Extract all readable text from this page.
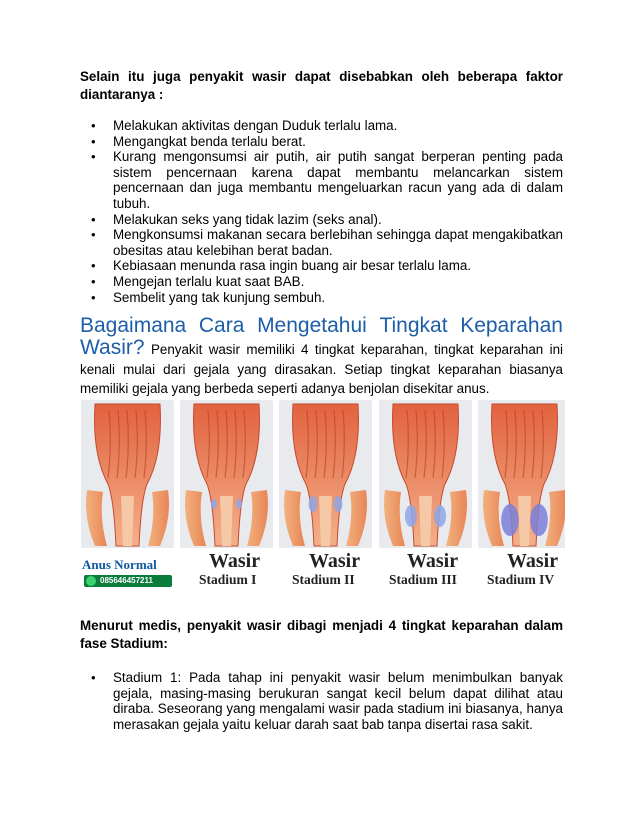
Selain itu juga penyakit wasir dapat disebabkan oleh beberapa faktor diantaranya :
• Melakukan aktivitas dengan Duduk terlalu lama.
• Mengangkat benda terlalu berat.
• Kurang mengonsumsi air putih, air putih sangat berperan penting pada sistem pencernaan karena dapat membantu melancarkan sistem pencernaan dan juga membantu mengeluarkan racun yang ada di dalam tubuh.
• Melakukan seks yang tidak lazim (seks anal).
• Mengkonsumsi makanan secara berlebihan sehingga dapat mengakibatkan obesitas atau kelebihan berat badan.
• Kebiasaan menunda rasa ingin buang air besar terlalu lama.
• Mengejan terlalu kuat saat BAB.
• Sembelit yang tak kunjung sembuh.
Bagaimana Cara Mengetahui Tingkat Keparahan
Wasir? Penyakit wasir memiliki 4 tingkat keparahan, tingkat keparahan ini kenali mulai dari gejala yang dirasakan. Setiap tingkat keparahan biasanya memiliki gejala yang berbeda seperti adanya benjolan disekitar anus.
Anus Normal
085646457211
Wasir
Stadium I
Wasir
Stadium II
Wasir
Stadium III
Wasir
Stadium IV
Menurut medis, penyakit wasir dibagi menjadi 4 tingkat keparahan dalam fase Stadium:
• Stadium 1: Pada tahap ini penyakit wasir belum menimbulkan banyak gejala, masing-masing berukuran sangat kecil belum dapat dilihat atau diraba. Seseorang yang mengalami wasir pada stadium ini biasanya, hanya merasakan gejala yaitu keluar darah saat bab tanpa disertai rasa sakit.
